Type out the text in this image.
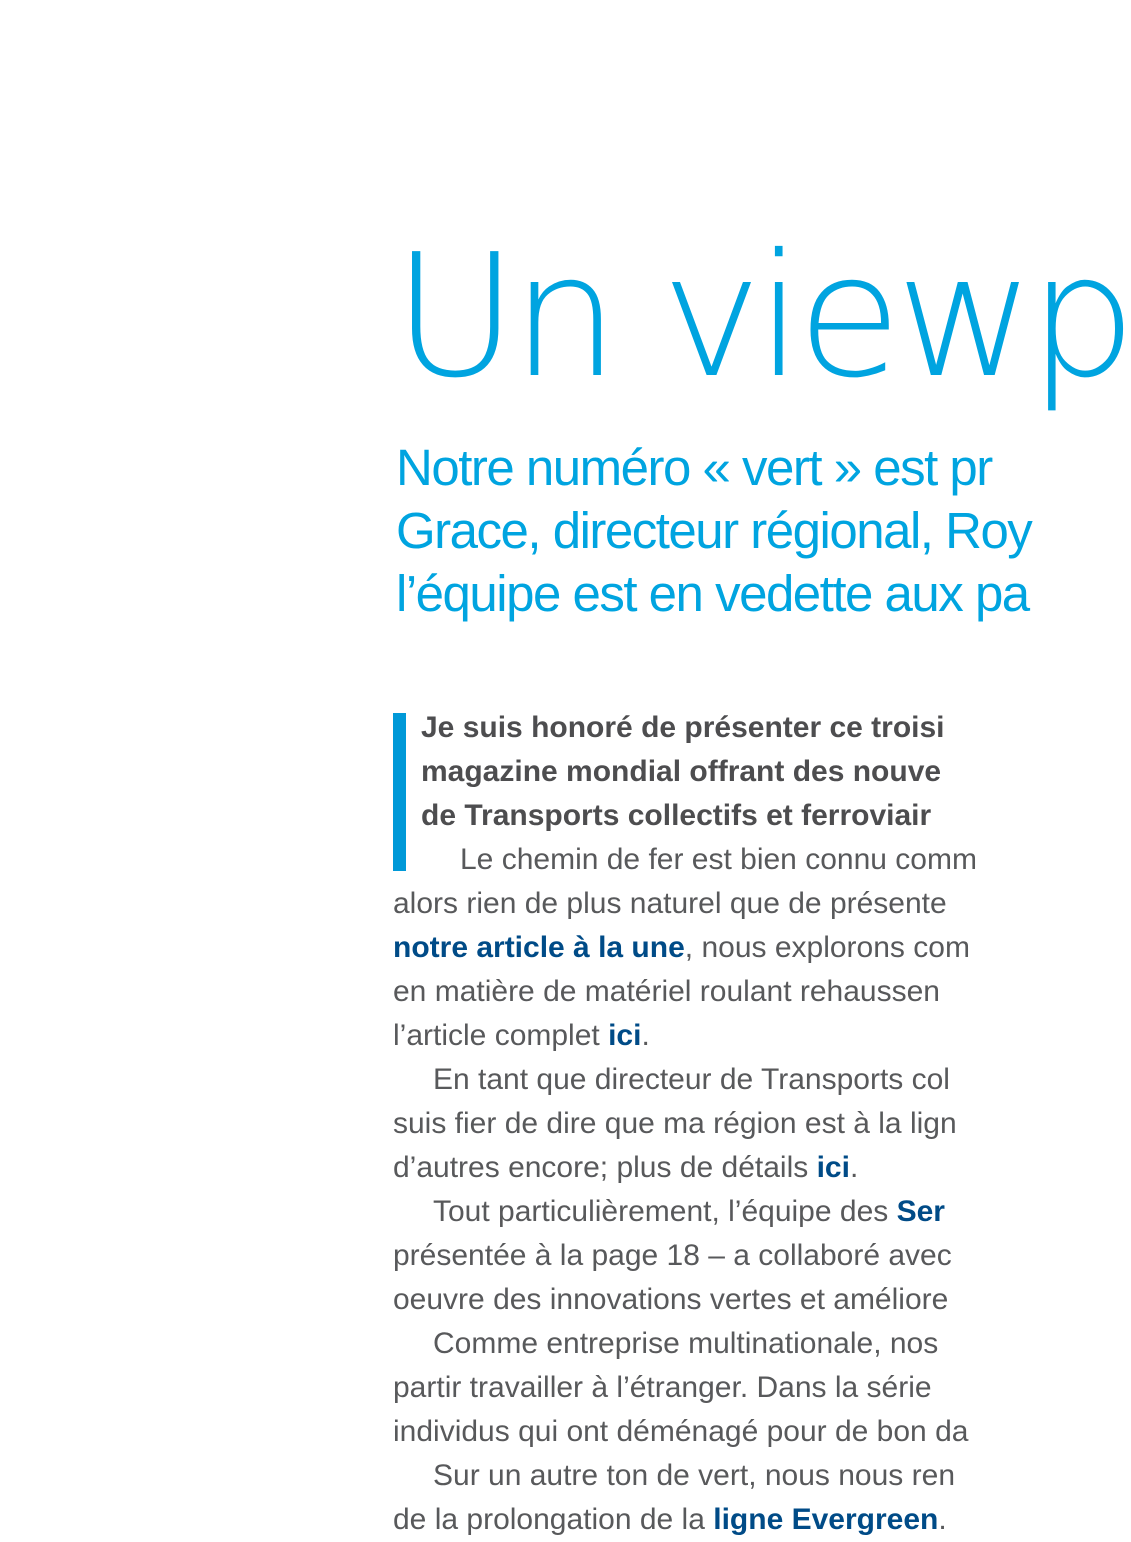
Un viewp
Notre numéro « vert » est pr
Grace, directeur régional, Roy
l’équipe est en vedette aux pa

Je suis honoré de présenter ce troisi
magazine mondial offrant des nouve
de Transports collectifs et ferroviair

Le chemin de fer est bien connu comm
alors rien de plus naturel que de présente
notre article à la une, nous explorons com
en matière de matériel roulant rehaussen
l’article complet ici.
En tant que directeur de Transports col
suis fier de dire que ma région est à la lign
d’autres encore; plus de détails ici.
Tout particulièrement, l’équipe des Ser
présentée à la page 18 – a collaboré avec
oeuvre des innovations vertes et améliore
Comme entreprise multinationale, nos
partir travailler à l’étranger. Dans la série
individus qui ont déménagé pour de bon da
Sur un autre ton de vert, nous nous ren
de la prolongation de la ligne Evergreen.
